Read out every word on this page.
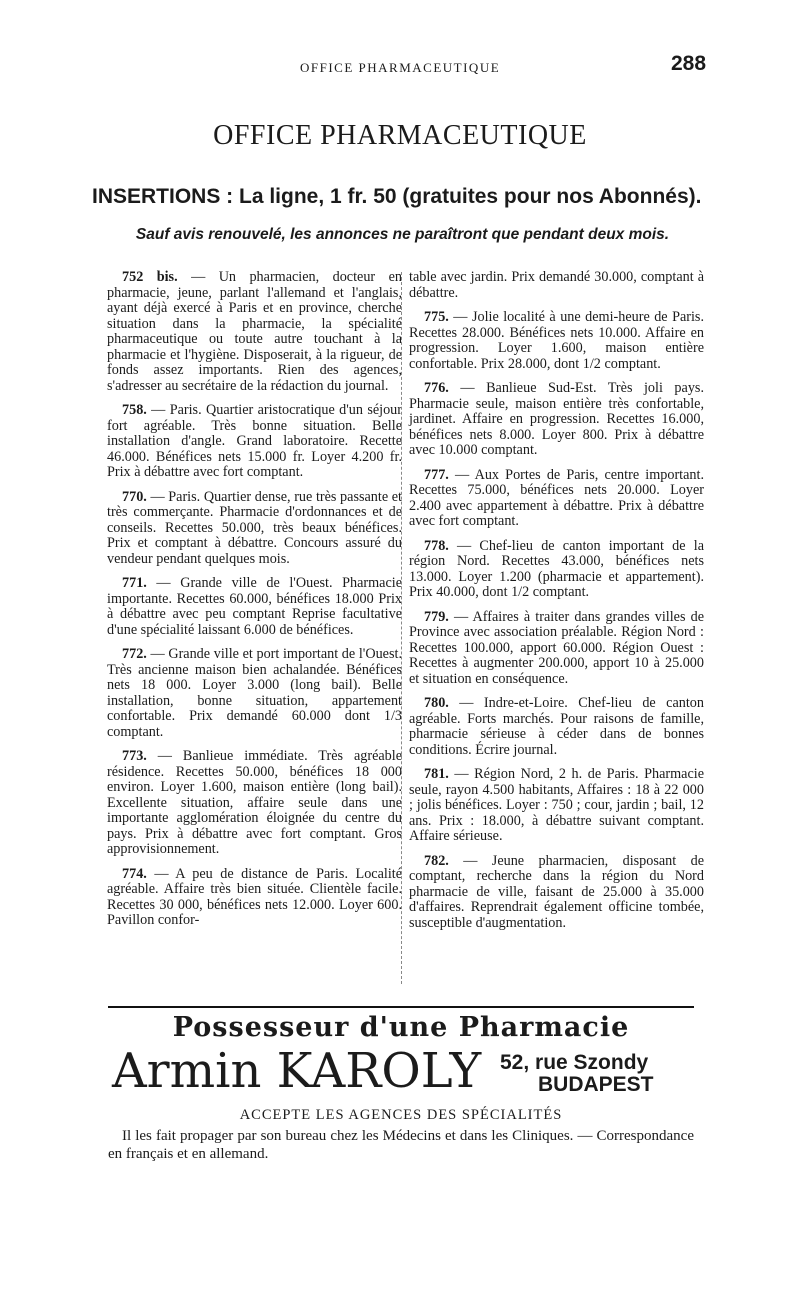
OFFICE PHARMACEUTIQUE	288
OFFICE PHARMACEUTIQUE
INSERTIONS : La ligne, 1 fr. 50 (gratuites pour nos Abonnés).
Sauf avis renouvelé, les annonces ne paraîtront que pendant deux mois.

752 bis. — Un pharmacien, docteur en pharmacie, jeune, parlant l'allemand et l'anglais, ayant déjà exercé à Paris et en province, cherche situation dans la pharmacie, la spécialité pharmaceutique ou toute autre touchant à la pharmacie et l'hygiène. Disposerait, à la rigueur, de fonds assez importants. Rien des agences, s'adresser au secrétaire de la rédaction du journal.

758. — Paris. Quartier aristocratique d'un séjour fort agréable. Très bonne situation. Belle installation d'angle. Grand laboratoire. Recette 46.000. Bénéfices nets 15.000 fr. Loyer 4.200 fr. Prix à débattre avec fort comptant.

770. — Paris. Quartier dense, rue très passante et très commerçante. Pharmacie d'ordonnances et de conseils. Recettes 50.000, très beaux bénéfices. Prix et comptant à débattre. Concours assuré du vendeur pendant quelques mois.

771. — Grande ville de l'Ouest. Pharmacie importante. Recettes 60.000, bénéfices 18.000 Prix à débattre avec peu comptant Reprise facultative d'une spécialité laissant 6.000 de bénéfices.

772. — Grande ville et port important de l'Ouest. Très ancienne maison bien achalandée. Bénéfices nets 18 000. Loyer 3.000 (long bail). Belle installation, bonne situation, appartement confortable. Prix demandé 60.000 dont 1/3 comptant.

773. — Banlieue immédiate. Très agréable résidence. Recettes 50.000, bénéfices 18 000 environ. Loyer 1.600, maison entière (long bail). Excellente situation, affaire seule dans une importante agglomération éloignée du centre du pays. Prix à débattre avec fort comptant. Gros approvisionnement.

774. — A peu de distance de Paris. Localité agréable. Affaire très bien située. Clientèle facile. Recettes 30 000, bénéfices nets 12.000. Loyer 600. Pavillon confor-

table avec jardin. Prix demandé 30.000, comptant à débattre.

775. — Jolie localité à une demi-heure de Paris. Recettes 28.000. Bénéfices nets 10.000. Affaire en progression. Loyer 1.600, maison entière confortable. Prix 28.000, dont 1/2 comptant.

776. — Banlieue Sud-Est. Très joli pays. Pharmacie seule, maison entière très confortable, jardinet. Affaire en progression. Recettes 16.000, bénéfices nets 8.000. Loyer 800. Prix à débattre avec 10.000 comptant.

777. — Aux Portes de Paris, centre important. Recettes 75.000, bénéfices nets 20.000. Loyer 2.400 avec appartement à débattre. Prix à débattre avec fort comptant.

778. — Chef-lieu de canton important de la région Nord. Recettes 43.000, bénéfices nets 13.000. Loyer 1.200 (pharmacie et appartement). Prix 40.000, dont 1/2 comptant.

779. — Affaires à traiter dans grandes villes de Province avec association préalable. Région Nord : Recettes 100.000, apport 60.000. Région Ouest : Recettes à augmenter 200.000, apport 10 à 25.000 et situation en conséquence.

780. — Indre-et-Loire. Chef-lieu de canton agréable. Forts marchés. Pour raisons de famille, pharmacie sérieuse à céder dans de bonnes conditions. Écrire journal.

781. — Région Nord, 2 h. de Paris. Pharmacie seule, rayon 4.500 habitants, Affaires : 18 à 22 000 ; jolis bénéfices. Loyer : 750 ; cour, jardin ; bail, 12 ans. Prix : 18.000, à débattre suivant comptant. Affaire sérieuse.

782. — Jeune pharmacien, disposant de comptant, recherche dans la région du Nord pharmacie de ville, faisant de 25.000 à 35.000 d'affaires. Reprendrait également officine tombée, susceptible d'augmentation.

Possesseur d'une Pharmacie
Armin KAROLY 52, rue Szondy
BUDAPEST
ACCEPTE LES AGENCES DES SPÉCIALITÉS
Il les fait propager par son bureau chez les Médecins et dans les Cliniques. — Correspondance en français et en allemand.
